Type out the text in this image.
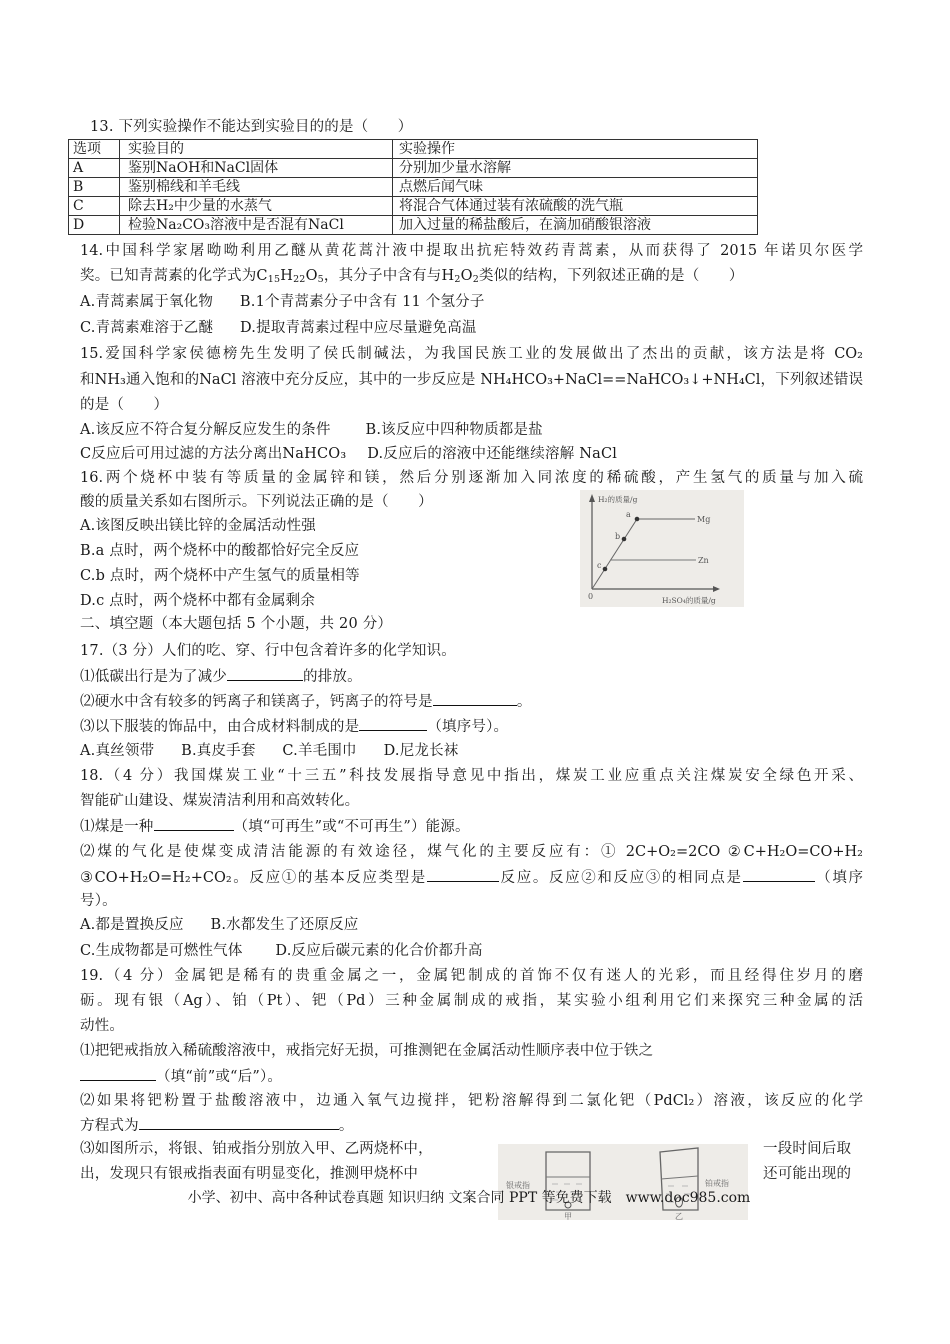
13. 下列实验操作不能达到实验目的的是（　　）
选项	实验目的	实验操作
A	鉴别NaOH和NaCl固体	分别加少量水溶解
B	鉴别棉线和羊毛线	点燃后闻气味
C	除去H₂中少量的水蒸气	将混合气体通过装有浓硫酸的洗气瓶
D	检验Na₂CO₃溶液中是否混有NaCl	加入过量的稀盐酸后，在滴加硝酸银溶液
14.中国科学家屠呦呦利用乙醚从黄花蒿汁液中提取出抗疟特效药青蒿素，从而获得了 2015 年诺贝尔医学
奖。已知青蒿素的化学式为$C_{15}H_{22}O_5$，其分子中含有与$H_2O_2$类似的结构，下列叙述正确的是（　　）
A.青蒿素属于氧化物 B.1个青蒿素分子中含有 11 个氢分子
C.青蒿素难溶于乙醚 D.提取青蒿素过程中应尽量避免高温
15.爱国科学家侯德榜先生发明了侯氏制碱法，为我国民族工业的发展做出了杰出的贡献，该方法是将 CO₂
和NH₃通入饱和的NaCl 溶液中充分反应，其中的一步反应是 NH₄HCO₃+NaCl==NaHCO₃↓+NH₄Cl，下列叙述错误
的是（　　）
A.该反应不符合复分解反应发生的条件 B.该反应中四种物质都是盐
C反应后可用过滤的方法分离出NaHCO₃ D.反应后的溶液中还能继续溶解 NaCl
16.两个烧杯中装有等质量的金属锌和镁，然后分别逐渐加入同浓度的稀硫酸，产生氢气的质量与加入硫
酸的质量关系如右图所示。下列说法正确的是（　　）
A.该图反映出镁比锌的金属活动性强
B.a 点时，两个烧杯中的酸都恰好完全反应
C.b 点时，两个烧杯中产生氢气的质量相等
D.c 点时，两个烧杯中都有金属剩余
H₂的质量/g
a
b
c
Mg
Zn
0	H₂SO₄的质量/g
二、填空题（本大题包括 5 个小题，共 20 分）
17.（3 分）人们的吃、穿、行中包含着许多的化学知识。
⑴低碳出行是为了减少	的排放。
⑵硬水中含有较多的钙离子和镁离子，钙离子的符号是	。
⑶以下服装的饰品中，由合成材料制成的是	（填序号）。
A.真丝领带 B.真皮手套 C.羊毛围巾 D.尼龙长袜
18.（4 分）我国煤炭工业“十三五”科技发展指导意见中指出，煤炭工业应重点关注煤炭安全绿色开采、
智能矿山建设、煤炭清洁利用和高效转化。
⑴煤是一种	（填“可再生”或“不可再生”）能源。
⑵煤的气化是使煤变成清洁能源的有效途径，煤气化的主要反应有：① 2C+O₂=2CO ②C+H₂O=CO+H₂
③CO+H₂O=H₂+CO₂。反应①的基本反应类型是	反应。反应②和反应③的相同点是	（填序
号）。
A.都是置换反应 B.水都发生了还原反应
C.生成物都是可燃性气体 D.反应后碳元素的化合价都升高
19.（4 分）金属钯是稀有的贵重金属之一，金属钯制成的首饰不仅有迷人的光彩，而且经得住岁月的磨
砺。现有银（Ag）、铂（Pt）、钯（Pd）三种金属制成的戒指，某实验小组利用它们来探究三种金属的活
动性。
⑴把钯戒指放入稀硫酸溶液中，戒指完好无损，可推测钯在金属活动性顺序表中位于铁之
（填“前”或“后”）。
⑵如果将钯粉置于盐酸溶液中，边通入氧气边搅拌，钯粉溶解得到二氯化钯（PdCl₂）溶液，该反应的化学
方程式为	。
银戒指	铂戒指
甲	乙
⑶如图所示，将银、铂戒指分别放入甲、乙两烧杯中，	一段时间后取
出，发现只有银戒指表面有明显变化，推测甲烧杯中	还可能出现的
小学、初中、高中各种试卷真题 知识归纳 文案合同 PPT 等免费下载　www.doc985.com
